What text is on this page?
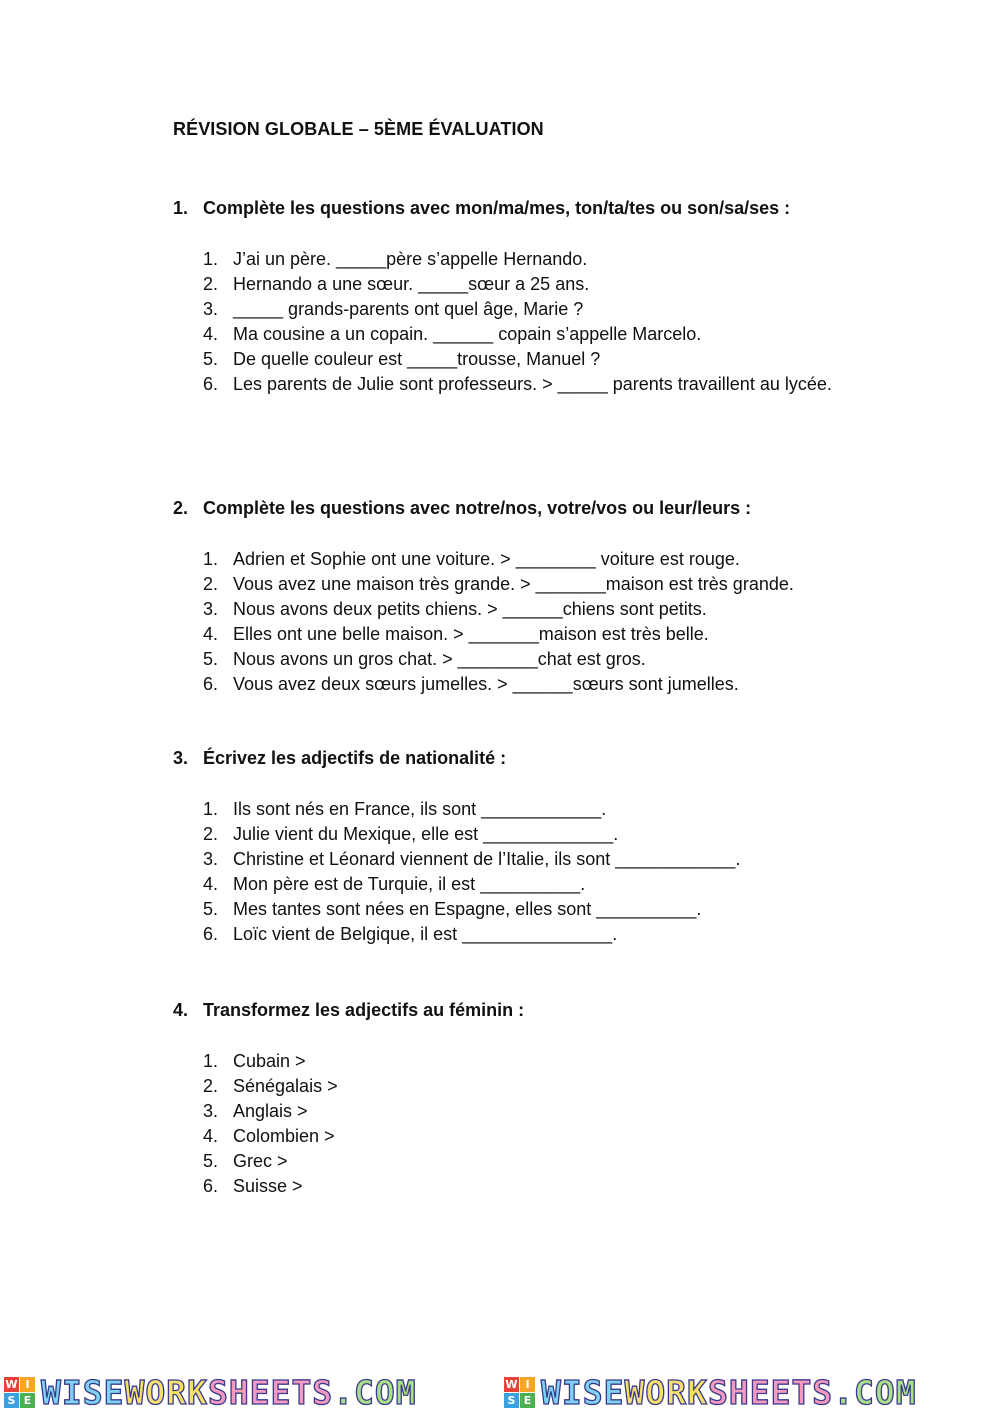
RÉVISION GLOBALE – 5ÈME ÉVALUATION
1. Complète les questions avec mon/ma/mes, ton/ta/tes ou son/sa/ses :
1. J’ai un père. _____père s’appelle Hernando.
2. Hernando a une sœur. _____sœur a 25 ans.
3. _____ grands-parents ont quel âge, Marie ?
4. Ma cousine a un copain. ______ copain s’appelle Marcelo.
5. De quelle couleur est _____trousse, Manuel ?
6. Les parents de Julie sont professeurs. > _____ parents travaillent au lycée.
2. Complète les questions avec notre/nos, votre/vos ou leur/leurs :
1. Adrien et Sophie ont une voiture. > ________ voiture est rouge.
2. Vous avez une maison très grande. > _______maison est très grande.
3. Nous avons deux petits chiens. > ______chiens sont petits.
4. Elles ont une belle maison. > _______maison est très belle.
5. Nous avons un gros chat. > ________chat est gros.
6. Vous avez deux sœurs jumelles. > ______sœurs sont jumelles.
3. Écrivez les adjectifs de nationalité :
1. Ils sont nés en France, ils sont ____________.
2. Julie vient du Mexique, elle est _____________.
3. Christine et Léonard viennent de l’Italie, ils sont ____________.
4. Mon père est de Turquie, il est __________.
5. Mes tantes sont nées en Espagne, elles sont __________.
6. Loïc vient de Belgique, il est _______________.
4. Transformez les adjectifs au féminin :
1. Cubain >
2. Sénégalais >
3. Anglais >
4. Colombien >
5. Grec >
6. Suisse >
W I
S E WISEWORKSHEETS.COM	W I
S E WISEWORKSHEETS.COM
